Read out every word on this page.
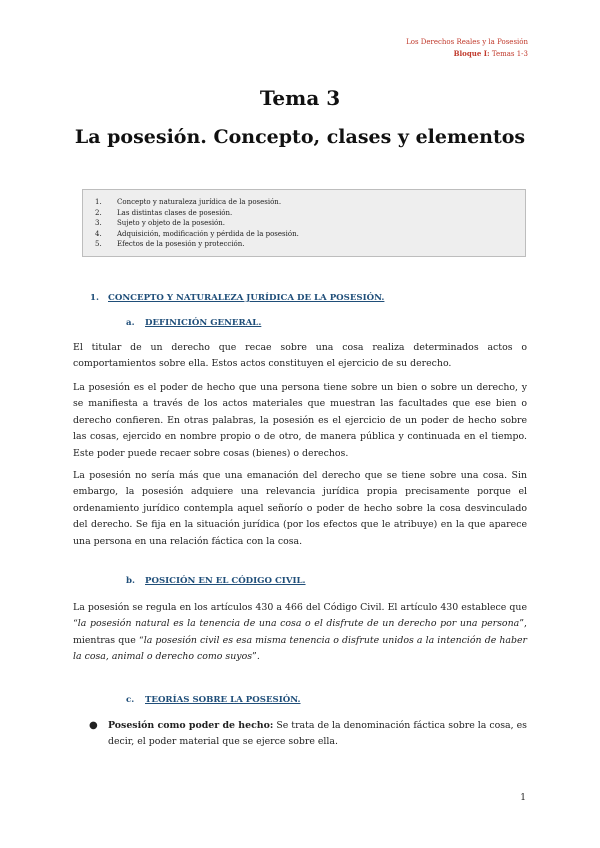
Los Derechos Reales y la Posesión
Bloque I: Temas 1-3
Tema 3
La posesión. Concepto, clases y elementos
1.	Concepto y naturaleza jurídica de la posesión.
2.	Las distintas clases de posesión.
3.	Sujeto y objeto de la posesión.
4.	Adquisición, modificación y pérdida de la posesión.
5.	Efectos de la posesión y protección.
1. CONCEPTO Y NATURALEZA JURÍDICA DE LA POSESIÓN.
a. DEFINICIÓN GENERAL.

El titular de un derecho que recae sobre una cosa realiza determinados actos o comportamientos sobre ella. Estos actos constituyen el ejercicio de su derecho.

La posesión es el poder de hecho que una persona tiene sobre un bien o sobre un derecho, y se manifiesta a través de los actos materiales que muestran las facultades que ese bien o derecho confieren. En otras palabras, la posesión es el ejercicio de un poder de hecho sobre las cosas, ejercido en nombre propio o de otro, de manera pública y continuada en el tiempo. Este poder puede recaer sobre cosas (bienes) o derechos.

La posesión no sería más que una emanación del derecho que se tiene sobre una cosa. Sin embargo, la posesión adquiere una relevancia jurídica propia precisamente porque el ordenamiento jurídico contempla aquel señorío o poder de hecho sobre la cosa desvinculado del derecho. Se fija en la situación jurídica (por los efectos que le atribuye) en la que aparece una persona en una relación fáctica con la cosa.

b. POSICIÓN EN EL CÓDIGO CIVIL.

La posesión se regula en los artículos 430 a 466 del Código Civil. El artículo 430 establece que “la posesión natural es la tenencia de una cosa o el disfrute de un derecho por una persona”, mientras que “la posesión civil es esa misma tenencia o disfrute unidos a la intención de haber la cosa, animal o derecho como suyos”.

c. TEORÍAS SOBRE LA POSESIÓN.
● Posesión como poder de hecho: Se trata de la denominación fáctica sobre la cosa, es decir, el poder material que se ejerce sobre ella.
1
